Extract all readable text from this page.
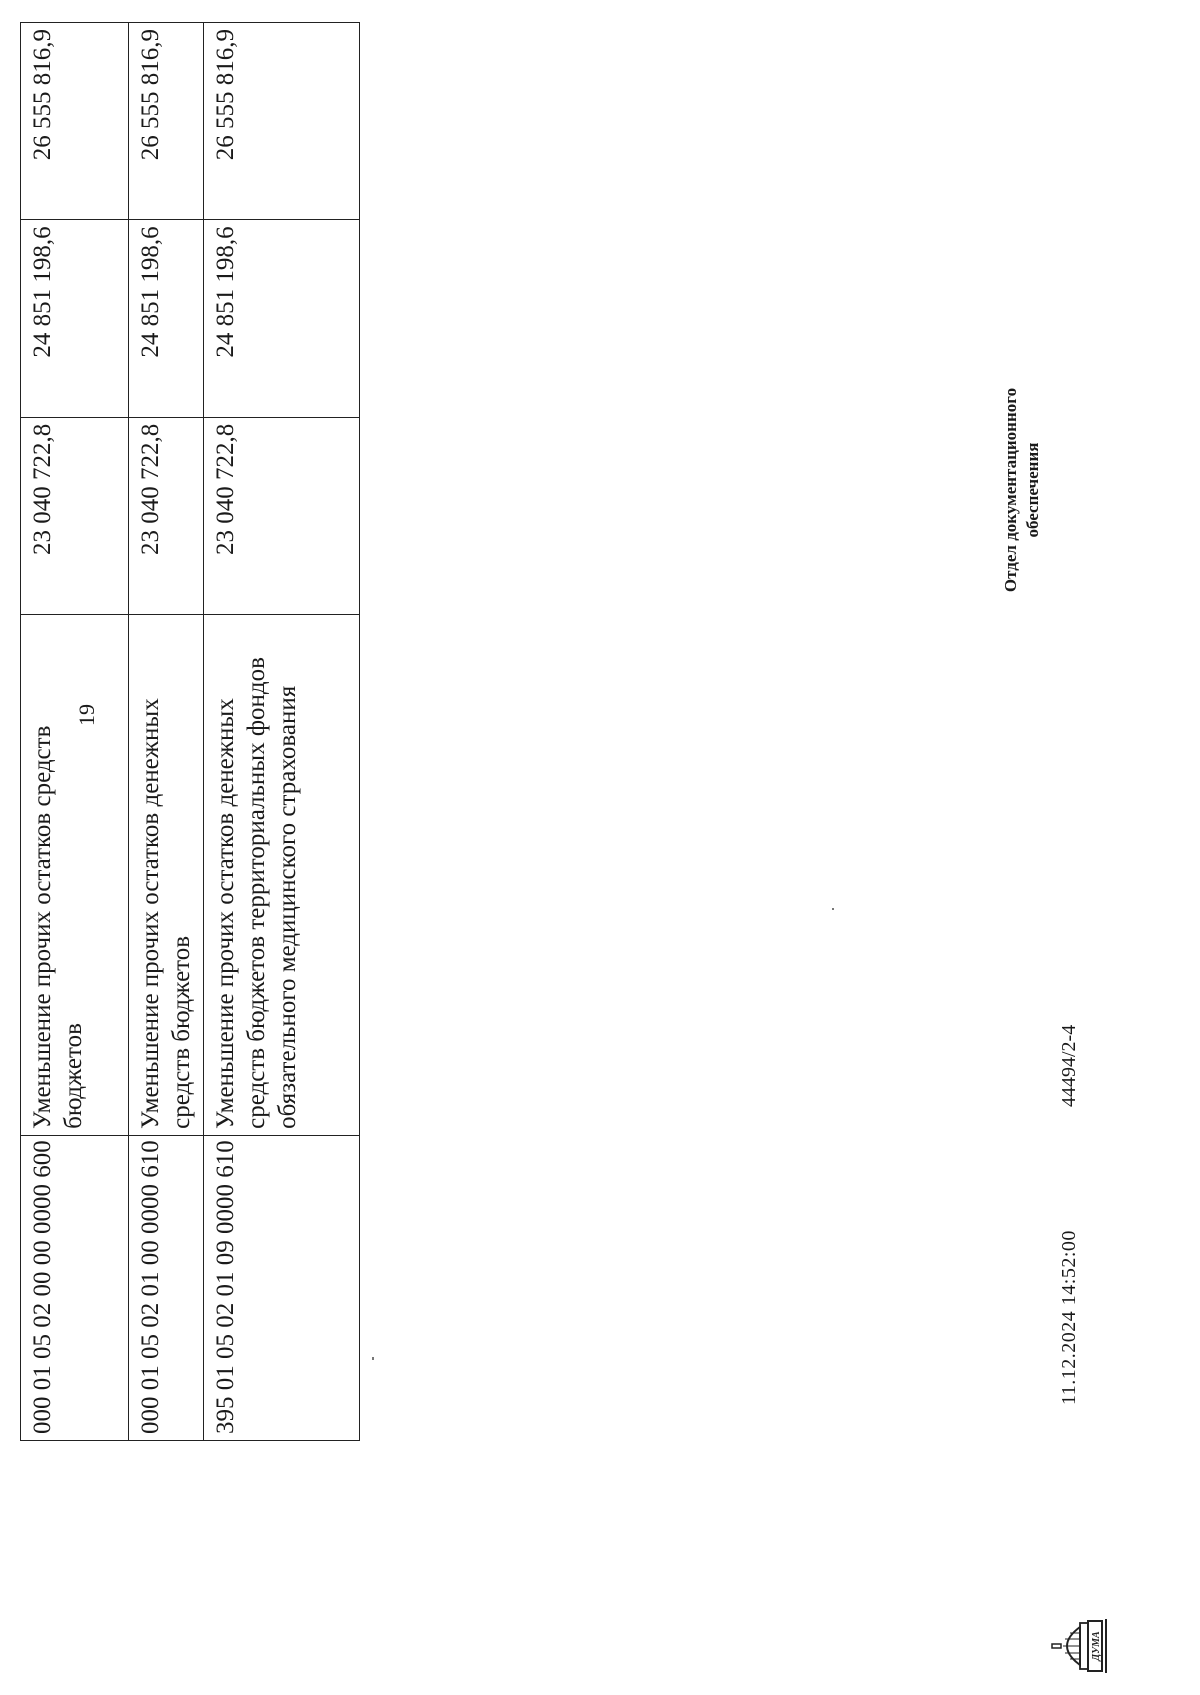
19
000 01 05 02 00 00 0000 600	Уменьшение прочих остатков средств бюджетов	23 040 722,8	24 851 198,6	26 555 816,9
000 01 05 02 01 00 0000 610	Уменьшение прочих остатков денежных средств бюджетов	23 040 722,8	24 851 198,6	26 555 816,9
395 01 05 02 01 09 0000 610	Уменьшение прочих остатков денежных средств бюджетов территориальных фондов обязательного медицинского страхования	23 040 722,8	24 851 198,6	26 555 816,9
ДУМА
11.12.2024 14:52:00
44494/2-4
Отдел документационного обеспечения
